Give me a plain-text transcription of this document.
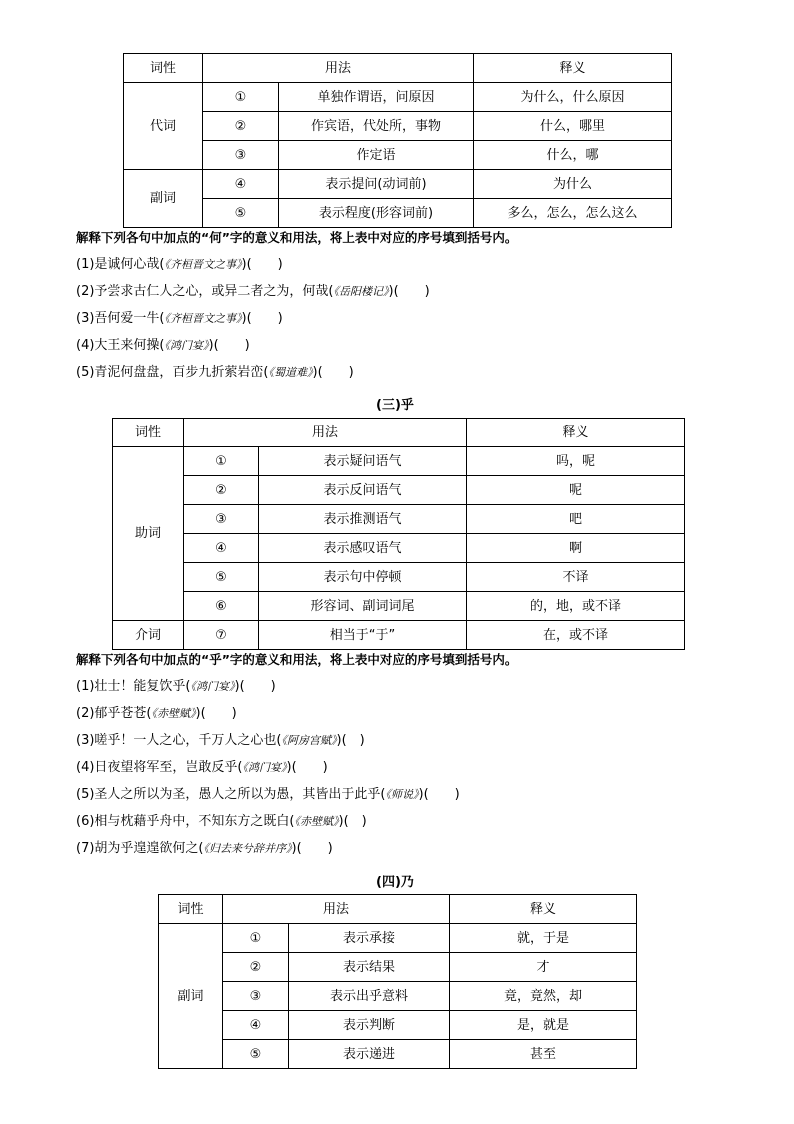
词性	用法		释义
代词	①	单独作谓语，问原因	为什么，什么原因
	②	作宾语，代处所，事物	什么，哪里
	③	作定语	什么，哪
副词	④	表示提问(动词前)	为什么
	⑤	表示程度(形容词前)	多么，怎么，怎么这么
解释下列各句中加点的“何”字的意义和用法，将上表中对应的序号填到括号内。
(1)是诚何心哉(《齐桓晋文之事》)(　　)
(2)予尝求古仁人之心，或异二者之为，何哉(《岳阳楼记》)(　　)
(3)吾何爱一牛(《齐桓晋文之事》)(　　)
(4)大王来何操(《鸿门宴》)(　　)
(5)青泥何盘盘，百步九折萦岩峦(《蜀道难》)(　　)
(三)乎
词性	用法		释义
助词	①	表示疑问语气	吗，呢
	②	表示反问语气	呢
	③	表示推测语气	吧
	④	表示感叹语气	啊
	⑤	表示句中停顿	不译
	⑥	形容词、副词词尾	的，地，或不译
介词	⑦	相当于“于”	在，或不译
解释下列各句中加点的“乎”字的意义和用法，将上表中对应的序号填到括号内。
(1)壮士！能复饮乎(《鸿门宴》)(　　)
(2)郁乎苍苍(《赤壁赋》)(　　)
(3)嗟乎！一人之心，千万人之心也(《阿房宫赋》)(　)
(4)日夜望将军至，岂敢反乎(《鸿门宴》)(　　)
(5)圣人之所以为圣，愚人之所以为愚，其皆出于此乎(《师说》)(　　)
(6)相与枕藉乎舟中，不知东方之既白(《赤壁赋》)(　)
(7)胡为乎遑遑欲何之(《归去来兮辞并序》)(　　)
(四)乃
词性	用法		释义
副词	①	表示承接	就，于是
	②	表示结果	才
	③	表示出乎意料	竟，竟然，却
	④	表示判断	是，就是
	⑤	表示递进	甚至
